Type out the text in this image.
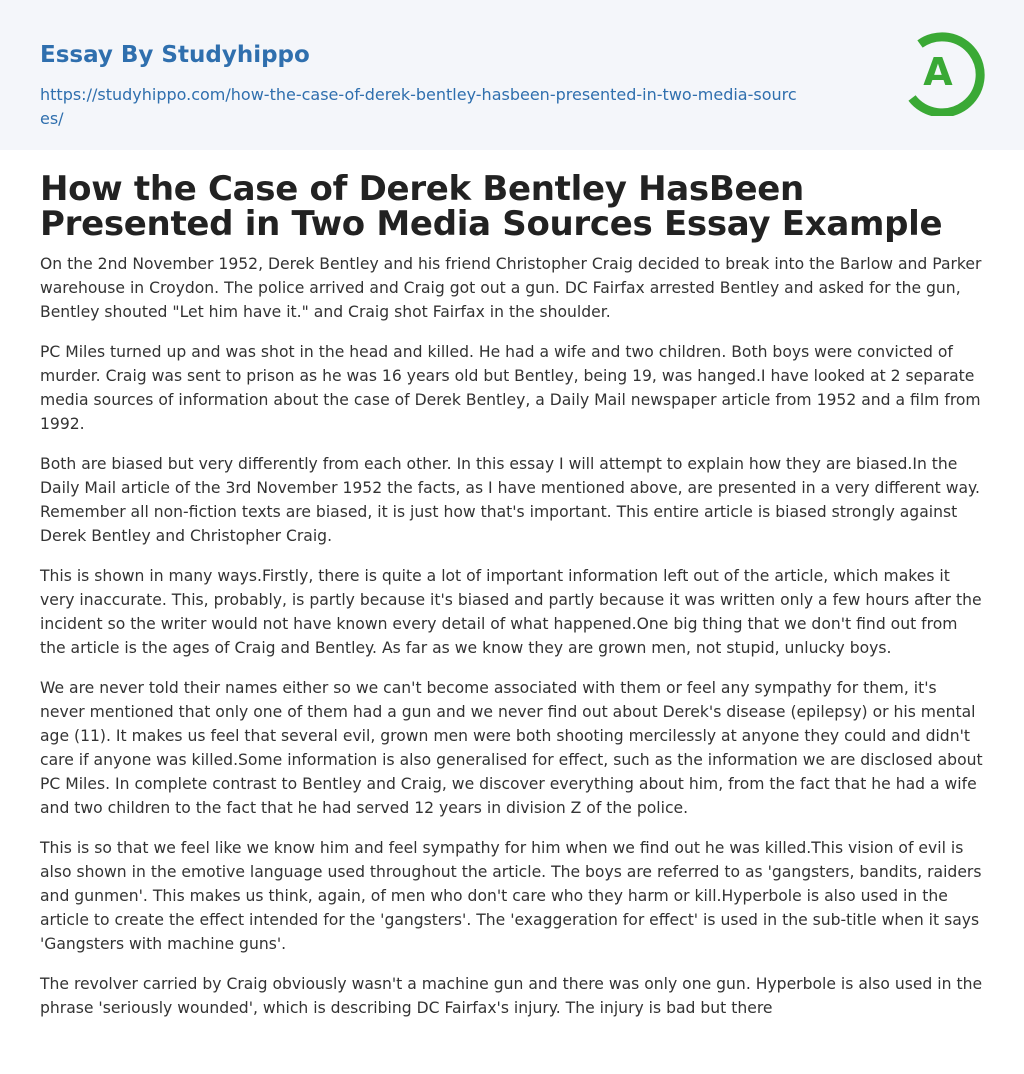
Essay By Studyhippo
https://studyhippo.com/how-the-case-of-derek-bentley-hasbeen-presented-in-two-media-sources/
A
How the Case of Derek Bentley HasBeen Presented in Two Media Sources Essay Example

On the 2nd November 1952, Derek Bentley and his friend Christopher Craig decided to break into the Barlow and Parker warehouse in Croydon. The police arrived and Craig got out a gun. DC Fairfax arrested Bentley and asked for the gun, Bentley shouted "Let him have it." and Craig shot Fairfax in the shoulder.

PC Miles turned up and was shot in the head and killed. He had a wife and two children. Both boys were convicted of murder. Craig was sent to prison as he was 16 years old but Bentley, being 19, was hanged.I have looked at 2 separate media sources of information about the case of Derek Bentley, a Daily Mail newspaper article from 1952 and a film from 1992.

Both are biased but very differently from each other. In this essay I will attempt to explain how they are biased.In the Daily Mail article of the 3rd November 1952 the facts, as I have mentioned above, are presented in a very different way. Remember all non-fiction texts are biased, it is just how that's important. This entire article is biased strongly against Derek Bentley and Christopher Craig.

This is shown in many ways.Firstly, there is quite a lot of important information left out of the article, which makes it very inaccurate. This, probably, is partly because it's biased and partly because it was written only a few hours after the incident so the writer would not have known every detail of what happened.One big thing that we don't find out from the article is the ages of Craig and Bentley. As far as we know they are grown men, not stupid, unlucky boys.

We are never told their names either so we can't become associated with them or feel any sympathy for them, it's never mentioned that only one of them had a gun and we never find out about Derek's disease (epilepsy) or his mental age (11). It makes us feel that several evil, grown men were both shooting mercilessly at anyone they could and didn't care if anyone was killed.Some information is also generalised for effect, such as the information we are disclosed about PC Miles. In complete contrast to Bentley and Craig, we discover everything about him, from the fact that he had a wife and two children to the fact that he had served 12 years in division Z of the police.

This is so that we feel like we know him and feel sympathy for him when we find out he was killed.This vision of evil is also shown in the emotive language used throughout the article. The boys are referred to as 'gangsters, bandits, raiders and gunmen'. This makes us think, again, of men who don't care who they harm or kill.Hyperbole is also used in the article to create the effect intended for the 'gangsters'. The 'exaggeration for effect' is used in the sub-title when it says 'Gangsters with machine guns'.

The revolver carried by Craig obviously wasn't a machine gun and there was only one gun. Hyperbole is also used in the phrase 'seriously wounded', which is describing DC Fairfax's injury. The injury is bad but there
